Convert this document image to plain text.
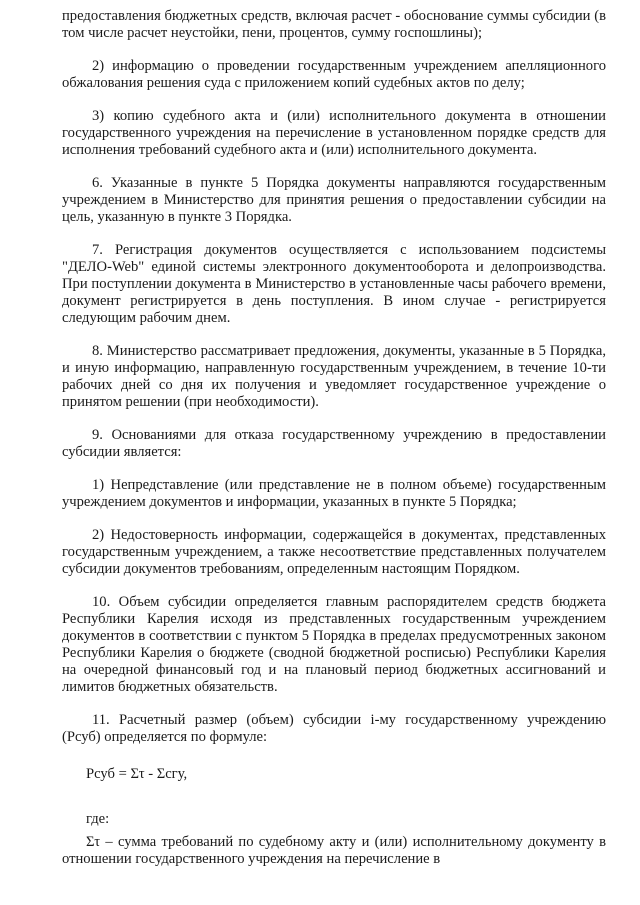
предоставления бюджетных средств, включая расчет - обоснование суммы субсидии (в том числе расчет неустойки, пени, процентов, сумму госпошлины);

2) информацию о проведении государственным учреждением апелляционного обжалования решения суда с приложением копий судебных актов по делу;

3) копию судебного акта и (или) исполнительного документа в отношении государственного учреждения на перечисление в установленном порядке средств для исполнения требований судебного акта и (или) исполнительного документа.

6. Указанные в пункте 5 Порядка документы направляются государственным учреждением в Министерство для принятия решения о предоставлении субсидии на цель, указанную в пункте 3 Порядка.

7. Регистрация документов осуществляется с использованием подсистемы "ДЕЛО-Web" единой системы электронного документооборота и делопроизводства. При поступлении документа в Министерство в установленные часы рабочего времени, документ регистрируется в день поступления. В ином случае - регистрируется следующим рабочим днем.

8. Министерство рассматривает предложения, документы, указанные в 5 Порядка, и иную информацию, направленную государственным учреждением, в течение 10-ти рабочих дней со дня их получения и уведомляет государственное учреждение о принятом решении (при необходимости).

9. Основаниями для отказа государственному учреждению в предоставлении субсидии является:

1) Непредставление (или представление не в полном объеме) государственным учреждением документов и информации, указанных в пункте 5 Порядка;

2) Недостоверность информации, содержащейся в документах, представленных государственным учреждением, а также несоответствие представленных получателем субсидии документов требованиям, определенным настоящим Порядком.

10. Объем субсидии определяется главным распорядителем средств бюджета Республики Карелия исходя из представленных государственным учреждением документов в соответствии с пунктом 5 Порядка в пределах предусмотренных законом Республики Карелия о бюджете (сводной бюджетной росписью) Республики Карелия на очередной финансовый год и на плановый период бюджетных ассигнований и лимитов бюджетных обязательств.

11. Расчетный размер (объем) субсидии i-му государственному учреждению (Рсуб) определяется по формуле:

Рсуб = Στ - Σсгу,

где:

Στ – сумма требований по судебному акту и (или) исполнительному документу в отношении государственного учреждения на перечисление в
